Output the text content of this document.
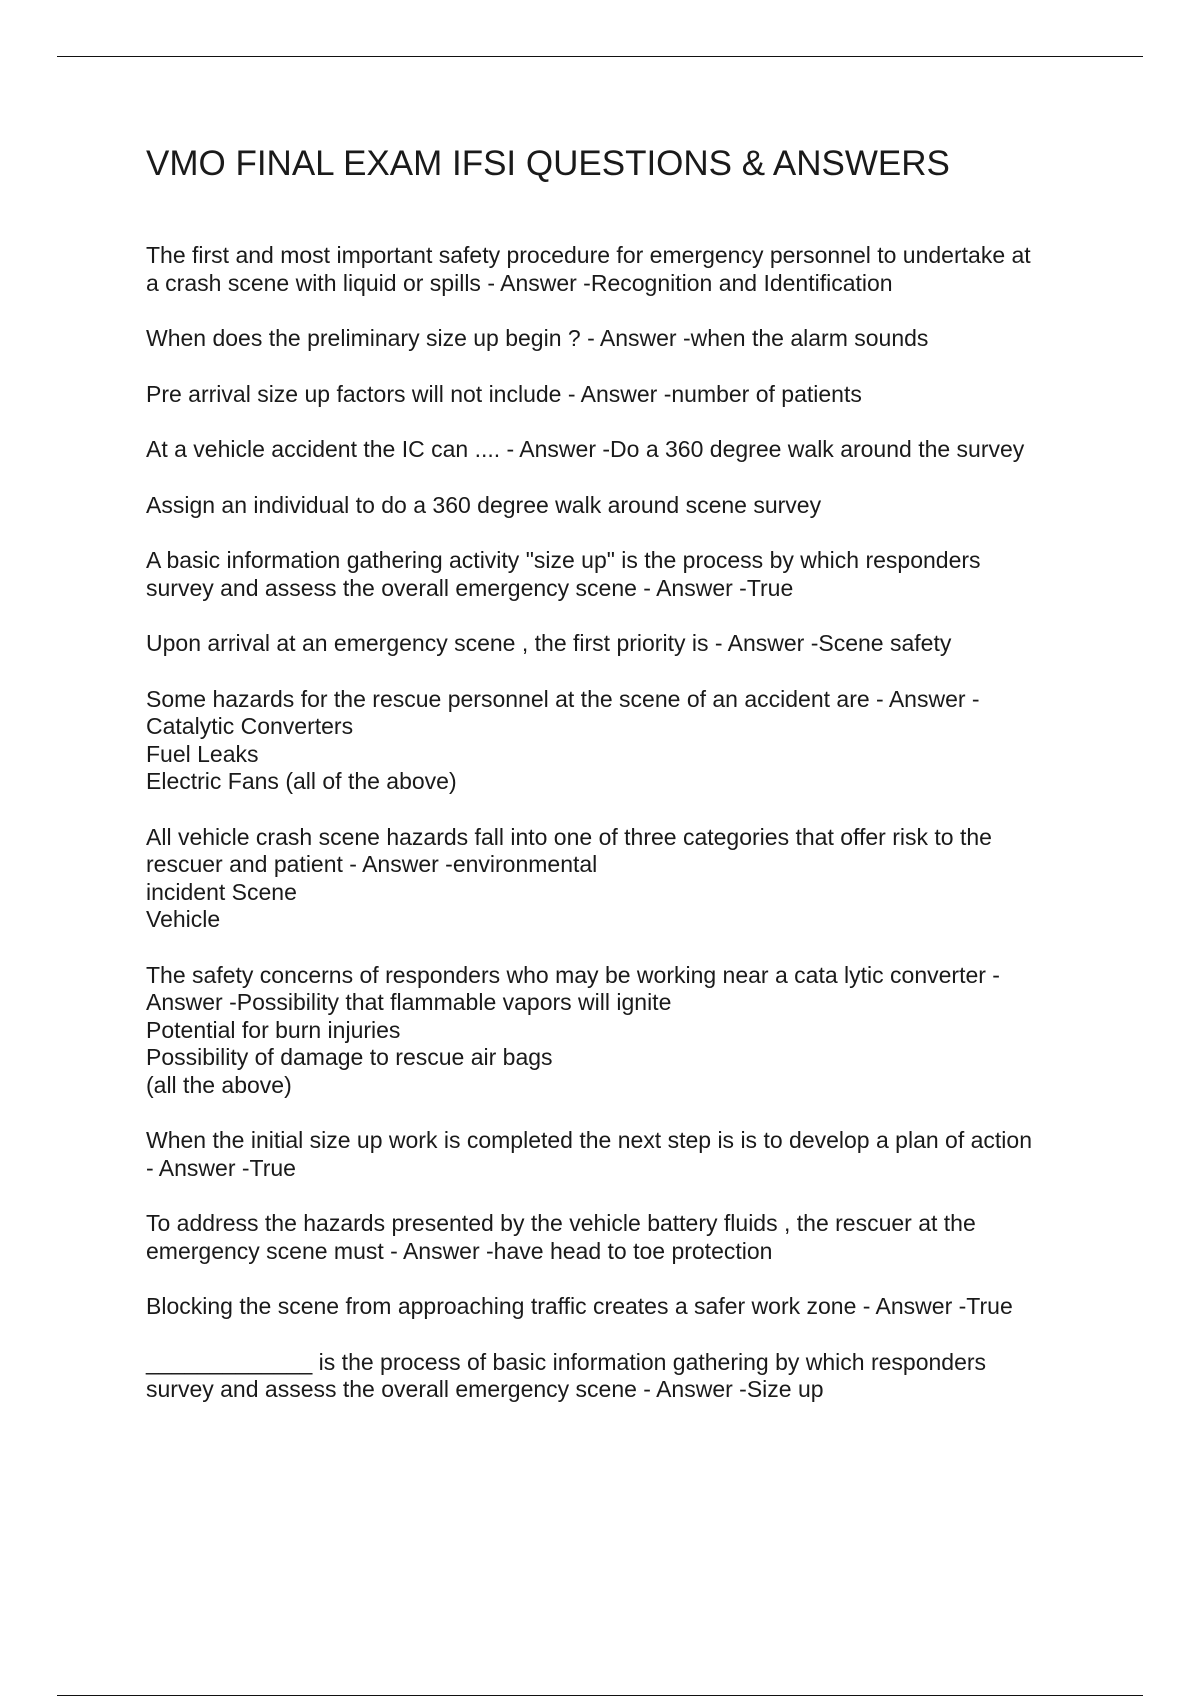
VMO FINAL EXAM IFSI QUESTIONS & ANSWERS

The first and most important safety procedure for emergency personnel to undertake at
a crash scene with liquid or spills - Answer -Recognition and Identification

When does the preliminary size up begin ? - Answer -when the alarm sounds

Pre arrival size up factors will not include - Answer -number of patients

At a vehicle accident the IC can .... - Answer -Do a 360 degree walk around the survey

Assign an individual to do a 360 degree walk around scene survey

A basic information gathering activity "size up" is the process by which responders
survey and assess the overall emergency scene - Answer -True

Upon arrival at an emergency scene , the first priority is - Answer -Scene safety

Some hazards for the rescue personnel at the scene of an accident are - Answer -
Catalytic Converters
Fuel Leaks
Electric Fans (all of the above)

All vehicle crash scene hazards fall into one of three categories that offer risk to the
rescuer and patient - Answer -environmental
incident Scene
Vehicle

The safety concerns of responders who may be working near a cata lytic converter -
Answer -Possibility that flammable vapors will ignite
Potential for burn injuries
Possibility of damage to rescue air bags
(all the above)

When the initial size up work is completed the next step is is to develop a plan of action
- Answer -True

To address the hazards presented by the vehicle battery fluids , the rescuer at the
emergency scene must - Answer -have head to toe protection

Blocking the scene from approaching traffic creates a safer work zone - Answer -True

_____________ is the process of basic information gathering by which responders
survey and assess the overall emergency scene - Answer -Size up
